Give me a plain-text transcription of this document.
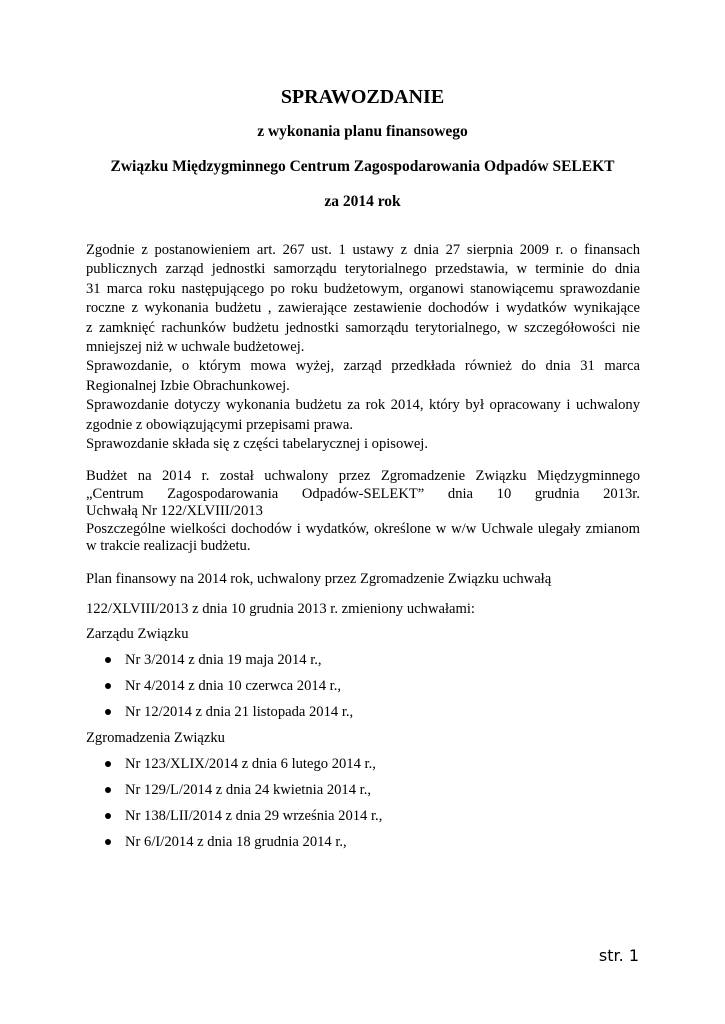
SPRAWOZDANIE

z wykonania planu finansowego

Związku Międzygminnego Centrum Zagospodarowania Odpadów SELEKT

za 2014 rok

Zgodnie z postanowieniem art. 267 ust. 1 ustawy z dnia 27 sierpnia 2009 r. o finansach
publicznych zarząd jednostki samorządu terytorialnego przedstawia, w terminie do dnia
31 marca roku następującego po roku budżetowym, organowi stanowiącemu sprawozdanie
roczne z wykonania budżetu , zawierające zestawienie dochodów i wydatków wynikające
z zamknięć rachunków budżetu jednostki samorządu terytorialnego, w szczegółowości nie
mniejszej niż w uchwale budżetowej.
Sprawozdanie, o którym mowa wyżej, zarząd przedkłada również do dnia 31 marca
Regionalnej Izbie Obrachunkowej.
Sprawozdanie dotyczy wykonania budżetu za rok 2014, który był opracowany i uchwalony
zgodnie z obowiązującymi przepisami prawa.
Sprawozdanie składa się z części tabelarycznej i opisowej.
Budżet na 2014 r. został uchwalony przez Zgromadzenie Związku Międzygminnego
„Centrum Zagospodarowania Odpadów-SELEKT” dnia 10 grudnia 2013r.
Uchwałą Nr 122/XLVIII/2013
Poszczególne wielkości dochodów i wydatków, określone w w/w Uchwale ulegały zmianom
w trakcie realizacji budżetu.

Plan finansowy na 2014 rok, uchwalony przez Zgromadzenie Związku uchwałą

122/XLVIII/2013 z dnia 10 grudnia 2013 r. zmieniony uchwałami:

Zarządu Związku

Nr 3/2014 z dnia 19 maja 2014 r.,
Nr 4/2014 z dnia 10 czerwca 2014 r.,
Nr 12/2014 z dnia 21 listopada 2014 r.,

Zgromadzenia Związku

Nr 123/XLIX/2014 z dnia 6 lutego 2014 r.,
Nr 129/L/2014 z dnia 24 kwietnia 2014 r.,
Nr 138/LII/2014 z dnia 29 września 2014 r.,
Nr 6/I/2014 z dnia 18 grudnia 2014 r.,

str. 1
